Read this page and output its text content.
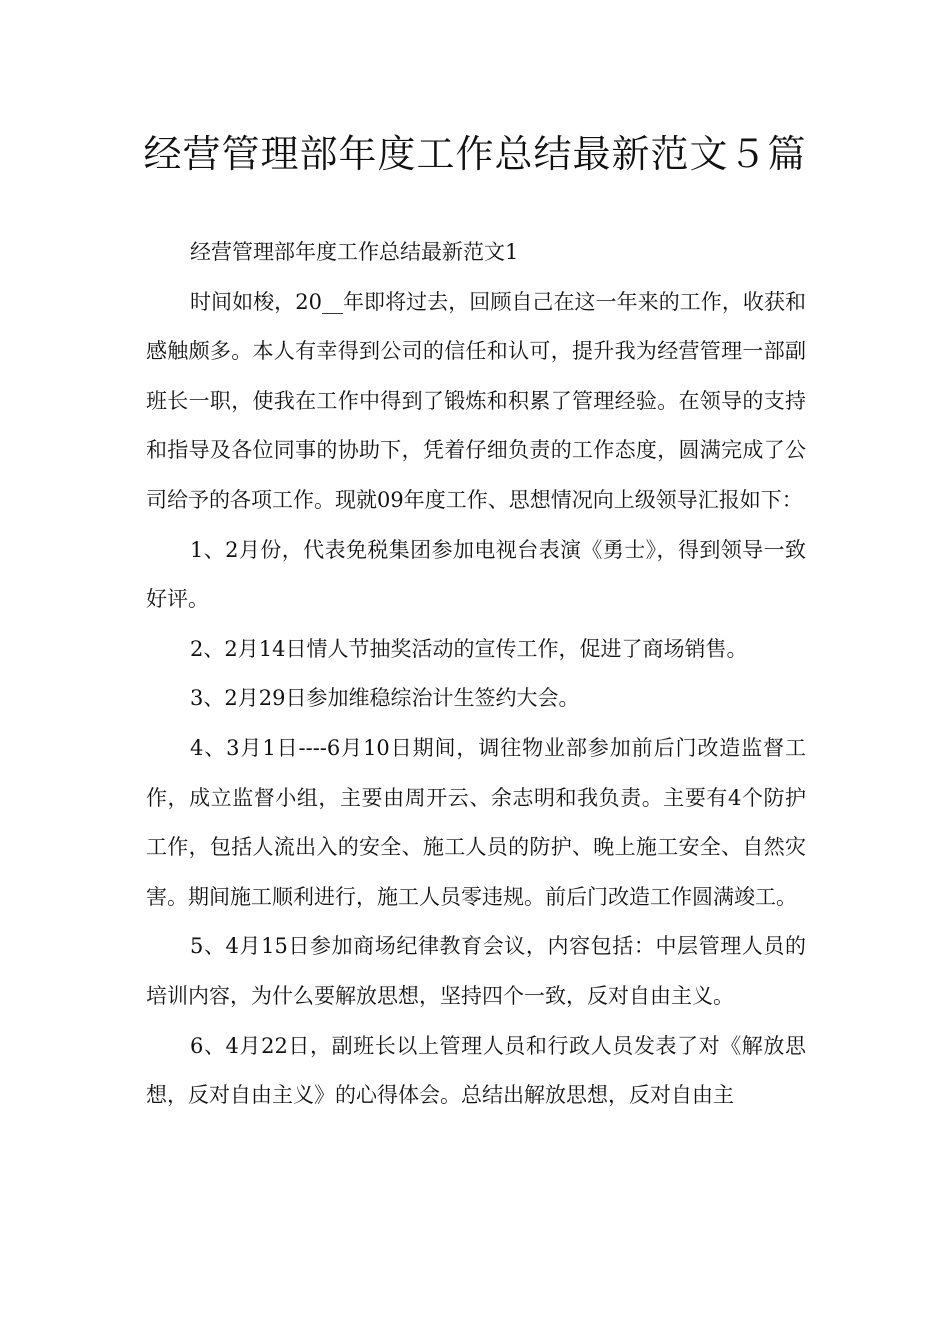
经营管理部年度工作总结最新范文５篇

经营管理部年度工作总结最新范文1

时间如梭，20__年即将过去，回顾自己在这一年来的工作，收获和感触颇多。本人有幸得到公司的信任和认可，提升我为经营管理一部副班长一职，使我在工作中得到了锻炼和积累了管理经验。在领导的支持和指导及各位同事的协助下，凭着仔细负责的工作态度，圆满完成了公司给予的各项工作。现就09年度工作、思想情况向上级领导汇报如下：

1、2月份，代表免税集团参加电视台表演《勇士》，得到领导一致好评。

2、2月14日情人节抽奖活动的宣传工作，促进了商场销售。

3、2月29日参加维稳综治计生签约大会。

4、3月1日----6月10日期间，调往物业部参加前后门改造监督工作，成立监督小组，主要由周开云、余志明和我负责。主要有4个防护工作，包括人流出入的安全、施工人员的防护、晚上施工安全、自然灾害。期间施工顺利进行，施工人员零违规。前后门改造工作圆满竣工。

5、4月15日参加商场纪律教育会议，内容包括：中层管理人员的培训内容，为什么要解放思想，坚持四个一致，反对自由主义。

6、4月22日，副班长以上管理人员和行政人员发表了对《解放思想，反对自由主义》的心得体会。总结出解放思想，反对自由主
